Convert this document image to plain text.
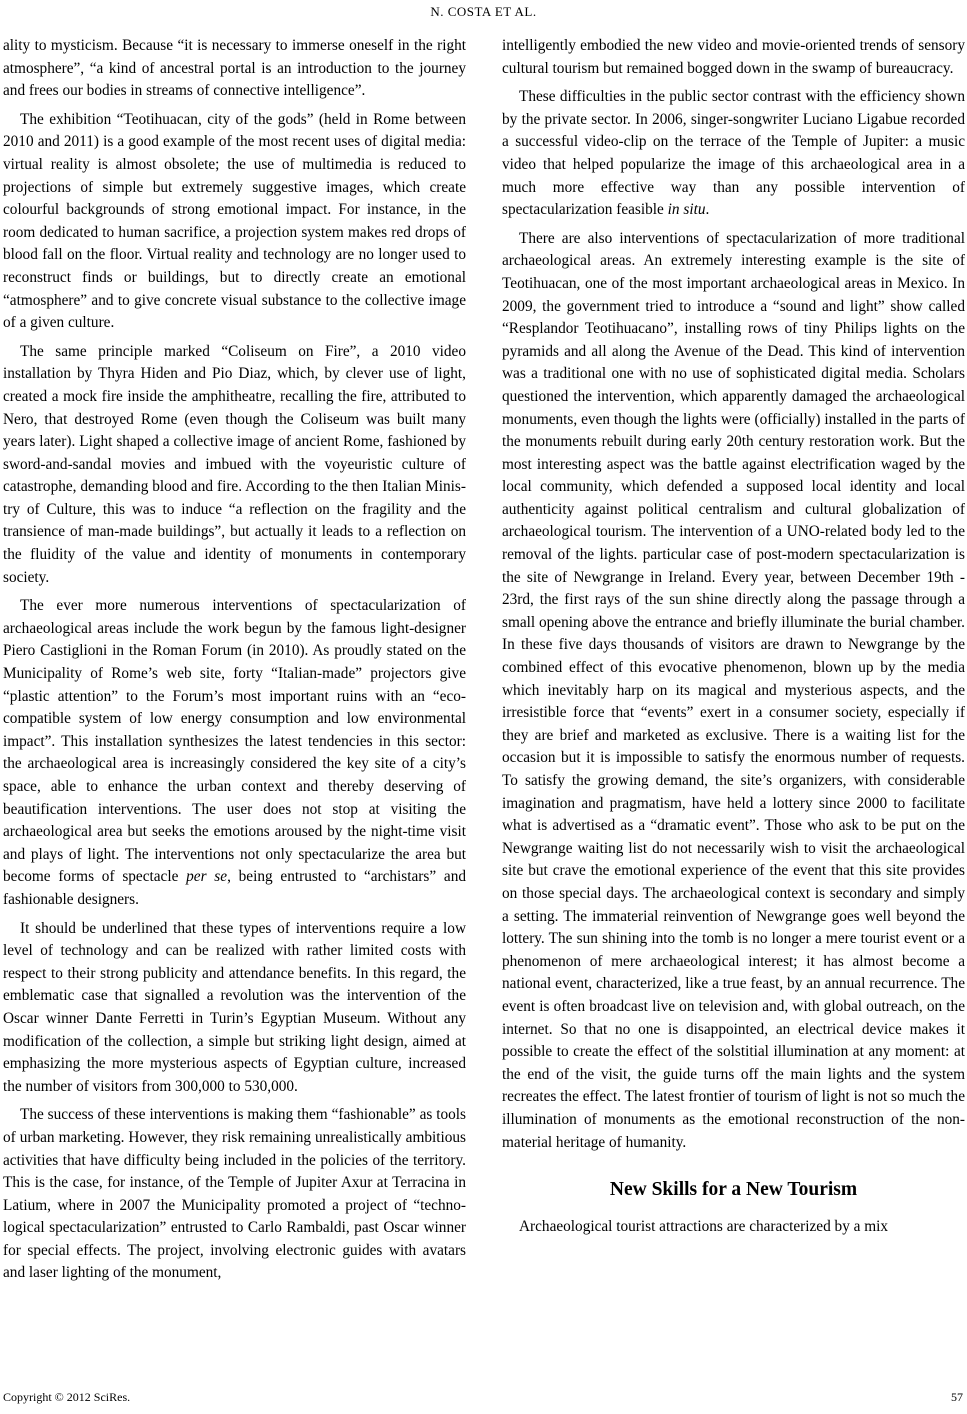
N. COSTA ET AL.

ality to mysticism. Because “it is necessary to immerse oneself in the right atmosphere”, “a kind of ancestral portal is an introduction to the journey and frees our bodies in streams of connective intelligence”.

The exhibition “Teotihuacan, city of the gods” (held in Rome between 2010 and 2011) is a good example of the most recent uses of digital media: virtual reality is almost obsolete; the use of multimedia is reduced to projections of simple but extremely suggestive images, which create colourful backgrounds of strong emotional impact. For instance, in the room dedicated to human sacrifice, a projection system makes red drops of blood fall on the floor. Virtual reality and technology are no longer used to reconstruct finds or buildings, but to directly create an emotional “atmosphere” and to give concrete visual substance to the collective image of a given culture.

The same principle marked “Coliseum on Fire”, a 2010 video installation by Thyra Hiden and Pio Diaz, which, by clever use of light, created a mock fire inside the amphitheatre, recalling the fire, attributed to Nero, that destroyed Rome (even though the Coliseum was built many years later). Light shaped a collective image of ancient Rome, fashioned by sword-and-sandal movies and imbued with the voyeuristic culture of catastrophe, demanding blood and fire. According to the then Italian Ministry of Culture, this was to induce “a reflection on the fragility and the transience of man-made buildings”, but actually it leads to a reflection on the fluidity of the value and identity of monuments in contemporary society.

The ever more numerous interventions of spectacularization of archaeological areas include the work begun by the famous light-designer Piero Castiglioni in the Roman Forum (in 2010). As proudly stated on the Municipality of Rome’s web site, forty “Italian-made” projectors give “plastic attention” to the Forum’s most important ruins with an “eco-compatible system of low energy consumption and low environmental impact”. This installation synthesizes the latest tendencies in this sector: the archaeological area is increasingly considered the key site of a city’s space, able to enhance the urban context and thereby deserving of beautification interventions. The user does not stop at visiting the archaeological area but seeks the emotions aroused by the night-time visit and plays of light. The interventions not only spectacularize the area but become forms of spectacle per se, being entrusted to “archistars” and fashionable designers.

It should be underlined that these types of interventions require a low level of technology and can be realized with rather limited costs with respect to their strong publicity and attendance benefits. In this regard, the emblematic case that signalled a revolution was the intervention of the Oscar winner Dante Ferretti in Turin’s Egyptian Museum. Without any modification of the collection, a simple but striking light design, aimed at emphasizing the more mysterious aspects of Egyptian culture, increased the number of visitors from 300,000 to 530,000.

The success of these interventions is making them “fashionable” as tools of urban marketing. However, they risk remaining unrealistically ambitious activities that have difficulty being included in the policies of the territory. This is the case, for instance, of the Temple of Jupiter Axur at Terracina in Latium, where in 2007 the Municipality promoted a project of “technological spectacularization” entrusted to Carlo Rambaldi, past Oscar winner for special effects. The project, involving electronic guides with avatars and laser lighting of the monument,

intelligently embodied the new video and movie-oriented trends of sensory cultural tourism but remained bogged down in the swamp of bureaucracy.

These difficulties in the public sector contrast with the efficiency shown by the private sector. In 2006, singer-songwriter Luciano Ligabue recorded a successful video-clip on the terrace of the Temple of Jupiter: a music video that helped popularize the image of this archaeological area in a much more effective way than any possible intervention of spectacularization feasible in situ.

There are also interventions of spectacularization of more traditional archaeological areas. An extremely interesting example is the site of Teotihuacan, one of the most important archaeological areas in Mexico. In 2009, the government tried to introduce a “sound and light” show called “Resplandor Teotihuacano”, installing rows of tiny Philips lights on the pyramids and all along the Avenue of the Dead. This kind of intervention was a traditional one with no use of sophisticated digital media. Scholars questioned the intervention, which apparently damaged the archaeological monuments, even though the lights were (officially) installed in the parts of the monuments rebuilt during early 20th century restoration work. But the most interesting aspect was the battle against electrification waged by the local community, which defended a supposed local identity and local authenticity against political centralism and cultural globalization of archaeological tourism. The intervention of a UNO-related body led to the removal of the lights. particular case of post-modern spectacularization is the site of Newgrange in Ireland. Every year, between December 19th - 23rd, the first rays of the sun shine directly along the passage through a small opening above the entrance and briefly illuminate the burial chamber. In these five days thousands of visitors are drawn to Newgrange by the combined effect of this evocative phenomenon, blown up by the media which inevitably harp on its magical and mysterious aspects, and the irresistible force that “events” exert in a consumer society, especially if they are brief and marketed as exclusive. There is a waiting list for the occasion but it is impossible to satisfy the enormous number of requests. To satisfy the growing demand, the site’s organizers, with considerable imagination and pragmatism, have held a lottery since 2000 to facilitate what is advertised as a “dramatic event”. Those who ask to be put on the Newgrange waiting list do not necessarily wish to visit the archaeological site but crave the emotional experience of the event that this site provides on those special days. The archaeological context is secondary and simply a setting. The immaterial reinvention of Newgrange goes well beyond the lottery. The sun shining into the tomb is no longer a mere tourist event or a phenomenon of mere archaeological interest; it has almost become a national event, characterized, like a true feast, by an annual recurrence. The event is often broadcast live on television and, with global outreach, on the internet. So that no one is disappointed, an electrical device makes it possible to create the effect of the solstitial illumination at any moment: at the end of the visit, the guide turns off the main lights and the system recreates the effect. The latest frontier of tourism of light is not so much the illumination of monuments as the emotional reconstruction of the non-material heritage of humanity.

New Skills for a New Tourism

Archaeological tourist attractions are characterized by a mix

Copyright © 2012 SciRes.	57
